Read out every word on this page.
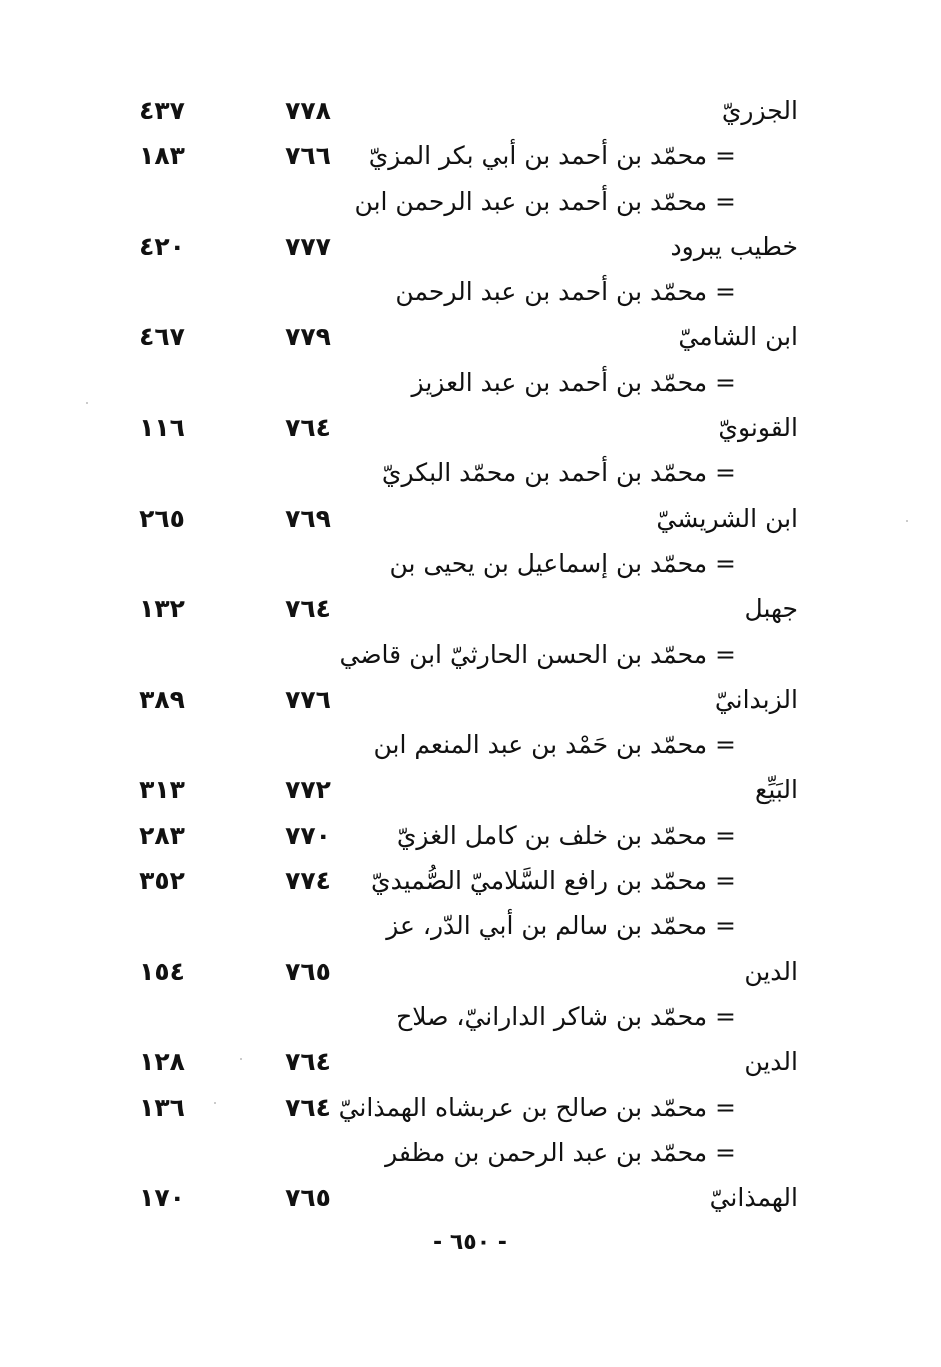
الجزريّ
٧٧٨
٤٣٧
= محمّد بن أحمد بن أبي بكر المزيّ
٧٦٦
١٨٣
= محمّد بن أحمد بن عبد الرحمن ابن
خطيب يبرود
٧٧٧
٤٢٠
= محمّد بن أحمد بن عبد الرحمن
ابن الشاميّ
٧٧٩
٤٦٧
= محمّد بن أحمد بن عبد العزيز
القونويّ
٧٦٤
١١٦
= محمّد بن أحمد بن محمّد البكريّ
ابن الشريشيّ
٧٦٩
٢٦٥
= محمّد بن إسماعيل بن يحيى بن
جهبل
٧٦٤
١٣٢
= محمّد بن الحسن الحارثيّ ابن قاضي
الزبدانيّ
٧٧٦
٣٨٩
= محمّد بن حَمْد بن عبد المنعم ابن
البَيِّع
٧٧٢
٣١٣
= محمّد بن خلف بن كامل الغزيّ
٧٧٠
٢٨٣
= محمّد بن رافع السَّلاميّ الصُّميديّ
٧٧٤
٣٥٢
= محمّد بن سالم بن أبي الدّر، عز
الدين
٧٦٥
١٥٤
= محمّد بن شاكر الدارانيّ، صلاح
الدين
٧٦٤
١٢٨
= محمّد بن صالح بن عربشاه الهمذانيّ
٧٦٤
١٣٦
= محمّد بن عبد الرحمن بن مظفر
الهمذانيّ
٧٦٥
١٧٠
- ٦٥٠ -
